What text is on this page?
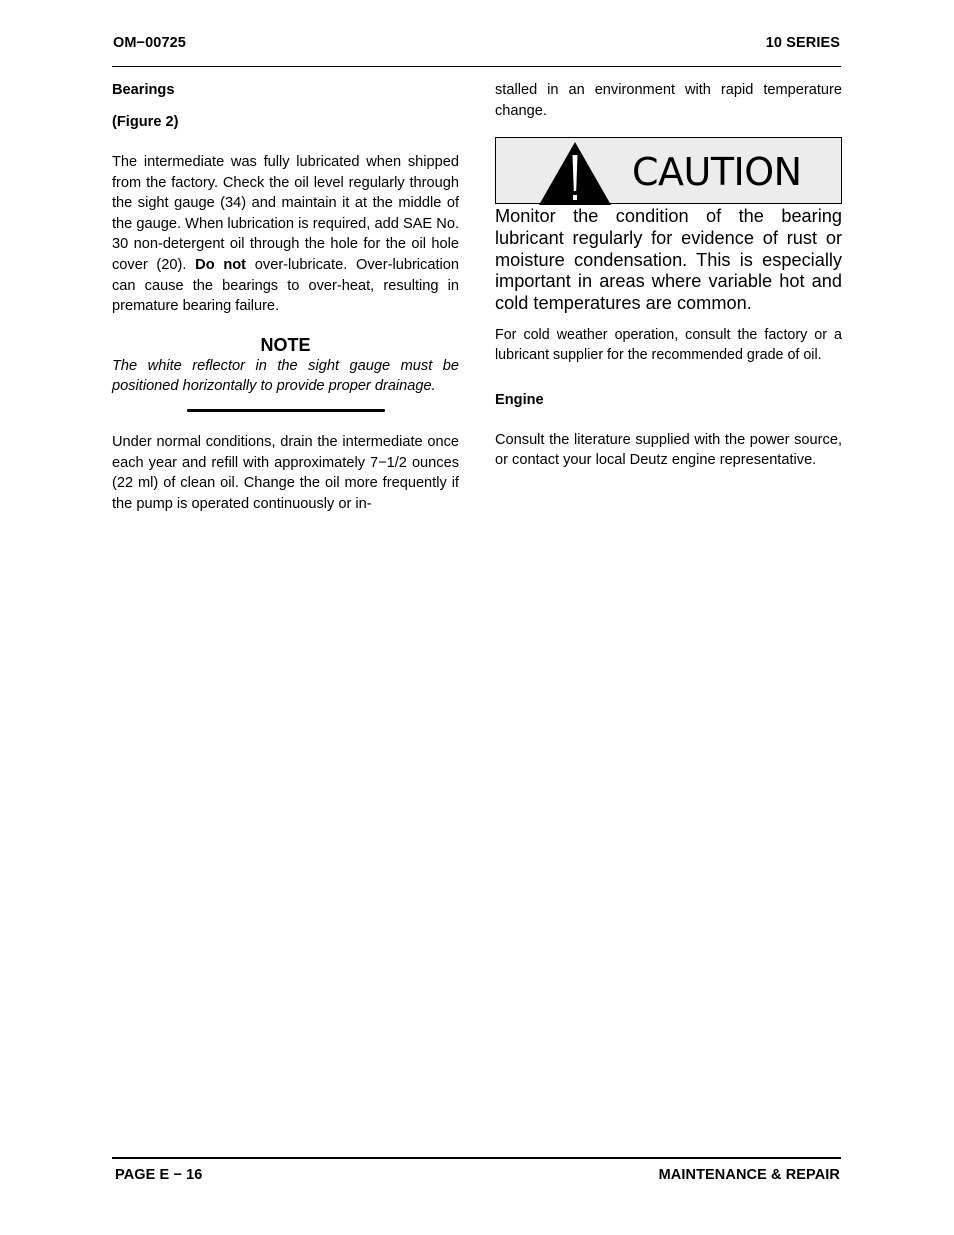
OM−00725	10 SERIES
Bearings
(Figure 2)

The intermediate was fully lubricated when shipped from the factory. Check the oil level regularly through the sight gauge (34) and maintain it at the middle of the gauge. When lubrication is required, add SAE No. 30 non-detergent oil through the hole for the oil hole cover (20). Do not over-lubricate. Over-lubrication can cause the bearings to over-heat, resulting in premature bearing failure.

NOTE
The white reflector in the sight gauge must be positioned horizontally to provide proper drainage.

Under normal conditions, drain the intermediate once each year and refill with approximately 7−1/2 ounces (22 ml) of clean oil. Change the oil more frequently if the pump is operated continuously or in-

stalled in an environment with rapid temperature change.

CAUTION

Monitor the condition of the bearing lubricant regularly for evidence of rust or moisture condensation. This is especially important in areas where variable hot and cold temperatures are common.

For cold weather operation, consult the factory or a lubricant supplier for the recommended grade of oil.

Engine

Consult the literature supplied with the power source, or contact your local Deutz engine representative.

PAGE E − 16	MAINTENANCE & REPAIR
